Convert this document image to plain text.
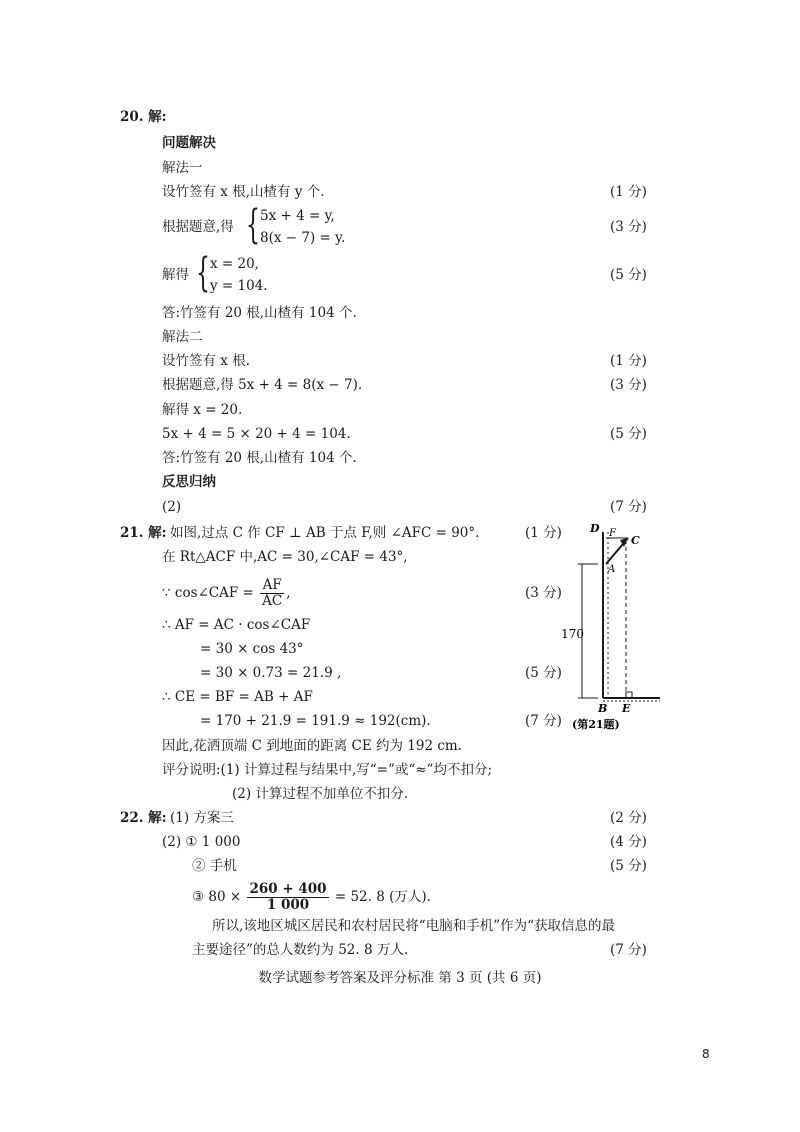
20. 解:
问题解决
解法一
设竹签有 x 根,山楂有 y 个.	(1 分)
根据题意,得 { 5x + 4 = y,
8(x − 7) = y.
(3 分)
解得 { x = 20,
y = 104.
(5 分)
答:竹签有 20 根,山楂有 104 个.
解法二
设竹签有 x 根.	(1 分)
根据题意,得 5x + 4 = 8(x − 7).	(3 分)
解得 x = 20.
5x + 4 = 5 × 20 + 4 = 104.	(5 分)
答:竹签有 20 根,山楂有 104 个.
反思归纳
(2)	(7 分)
21. 解: 如图,过点 C 作 CF ⊥ AB 于点 F,则 ∠AFC = 90°.	(1 分)
在 Rt△ACF 中,AC = 30,∠CAF = 43°,
∵ cos∠CAF = $\frac{AF}{AC}$ ,	(3 分)
∴ AF = AC · cos∠CAF
= 30 × cos 43°
= 30 × 0.73 = 21.9 ,	(5 分)
∴ CE = BF = AB + AF
= 170 + 21.9 = 191.9 ≈ 192(cm).	(7 分)
因此,花洒顶端 C 到地面的距离 CE 约为 192 cm.
评分说明:(1) 计算过程与结果中,写“=”或“≈”均不扣分;
(2) 计算过程不加单位不扣分.
170
D F
C
A
B E
(第21题)
22. 解: (1) 方案三	(2 分)
(2) ① 1 000	(4 分)
② 手机	(5 分)
③ $80 \times \frac{260 + 400}{1 000} = 52$. 8 (万人).
所以,该地区城区居民和农村居民将“电脑和手机”作为“获取信息的最
主要途径”的总人数约为 52. 8 万人.	(7 分)
数学试题参考答案及评分标准 第 3 页 (共 6 页)
8
